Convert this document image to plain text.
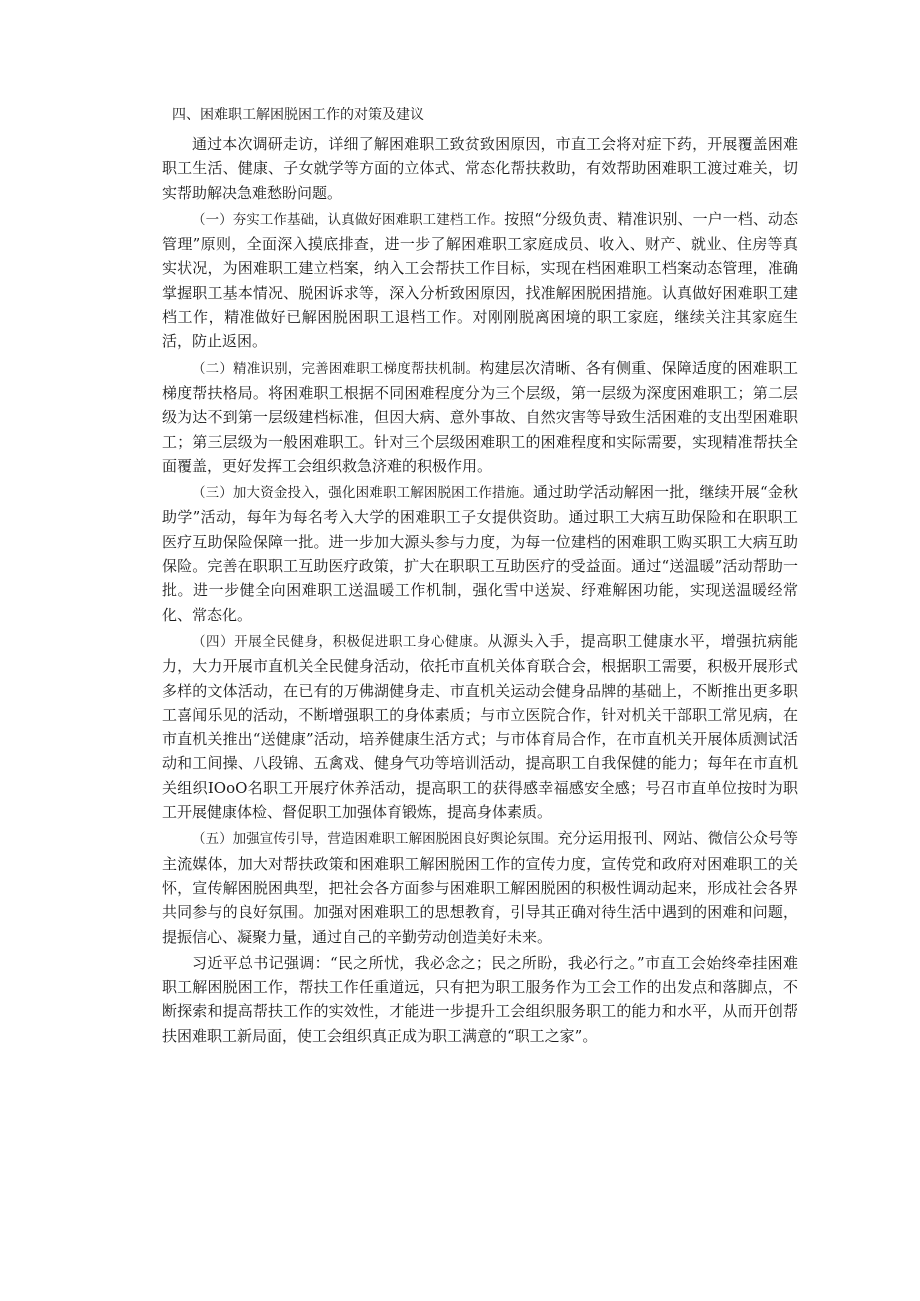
四、困难职工解困脱困工作的对策及建议

通过本次调研走访，详细了解困难职工致贫致困原因，市直工会将对症下药，开展覆盖困难职工生活、健康、子女就学等方面的立体式、常态化帮扶救助，有效帮助困难职工渡过难关，切实帮助解决急难愁盼问题。

（一）夯实工作基础，认真做好困难职工建档工作。按照“分级负责、精准识别、一户一档、动态管理”原则，全面深入摸底排查，进一步了解困难职工家庭成员、收入、财产、就业、住房等真实状况，为困难职工建立档案，纳入工会帮扶工作目标，实现在档困难职工档案动态管理，准确掌握职工基本情况、脱困诉求等，深入分析致困原因，找准解困脱困措施。认真做好困难职工建档工作，精准做好已解困脱困职工退档工作。对刚刚脱离困境的职工家庭，继续关注其家庭生活，防止返困。

（二）精准识别，完善困难职工梯度帮扶机制。构建层次清晰、各有侧重、保障适度的困难职工梯度帮扶格局。将困难职工根据不同困难程度分为三个层级，第一层级为深度困难职工；第二层级为达不到第一层级建档标准，但因大病、意外事故、自然灾害等导致生活困难的支出型困难职工；第三层级为一般困难职工。针对三个层级困难职工的困难程度和实际需要，实现精准帮扶全面覆盖，更好发挥工会组织救急济难的积极作用。

（三）加大资金投入，强化困难职工解困脱困工作措施。通过助学活动解困一批，继续开展“金秋助学”活动，每年为每名考入大学的困难职工子女提供资助。通过职工大病互助保险和在职职工医疗互助保险保障一批。进一步加大源头参与力度，为每一位建档的困难职工购买职工大病互助保险。完善在职职工互助医疗政策，扩大在职职工互助医疗的受益面。通过“送温暖”活动帮助一批。进一步健全向困难职工送温暖工作机制，强化雪中送炭、纾难解困功能，实现送温暖经常化、常态化。

（四）开展全民健身，积极促进职工身心健康。从源头入手，提高职工健康水平，增强抗病能力，大力开展市直机关全民健身活动，依托市直机关体育联合会，根据职工需要，积极开展形式多样的文体活动，在已有的万佛湖健身走、市直机关运动会健身品牌的基础上，不断推出更多职工喜闻乐见的活动，不断增强职工的身体素质；与市立医院合作，针对机关干部职工常见病，在市直机关推出“送健康”活动，培养健康生活方式；与市体育局合作，在市直机关开展体质测试活动和工间操、八段锦、五禽戏、健身气功等培训活动，提高职工自我保健的能力；每年在市直机关组织IOoO名职工开展疗休养活动，提高职工的获得感幸福感安全感；号召市直单位按时为职工开展健康体检、督促职工加强体育锻炼，提高身体素质。

（五）加强宣传引导，营造困难职工解困脱困良好舆论氛围。充分运用报刊、网站、微信公众号等主流媒体，加大对帮扶政策和困难职工解困脱困工作的宣传力度，宣传党和政府对困难职工的关怀，宣传解困脱困典型，把社会各方面参与困难职工解困脱困的积极性调动起来，形成社会各界共同参与的良好氛围。加强对困难职工的思想教育，引导其正确对待生活中遇到的困难和问题，提振信心、凝聚力量，通过自己的辛勤劳动创造美好未来。

习近平总书记强调：“民之所忧，我必念之；民之所盼，我必行之。”市直工会始终牵挂困难职工解困脱困工作，帮扶工作任重道远，只有把为职工服务作为工会工作的出发点和落脚点，不断探索和提高帮扶工作的实效性，才能进一步提升工会组织服务职工的能力和水平，从而开创帮扶困难职工新局面，使工会组织真正成为职工满意的“职工之家”。
